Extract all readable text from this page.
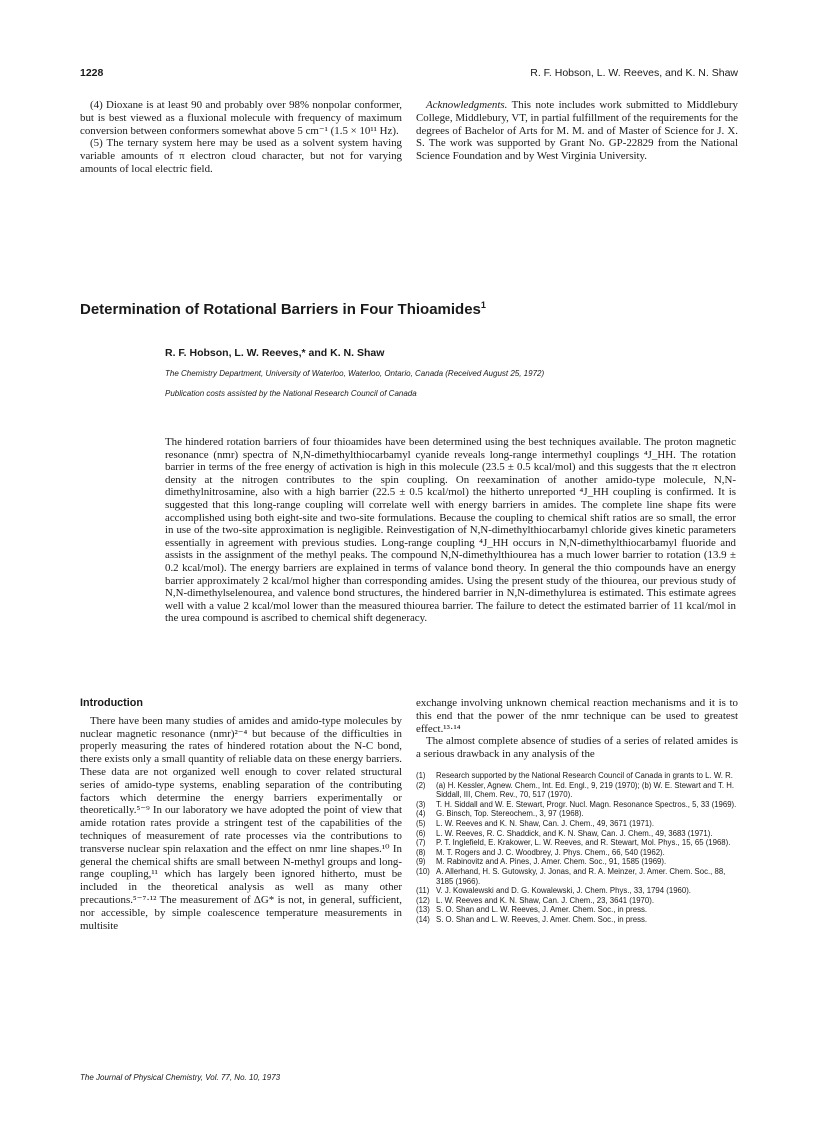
1228	R. F. Hobson, L. W. Reeves, and K. N. Shaw

(4) Dioxane is at least 90 and probably over 98% nonpolar conformer, but is best viewed as a fluxional molecule with frequency of maximum conversion between conformers somewhat above 5 cm⁻¹ (1.5 × 10¹¹ Hz).

(5) The ternary system here may be used as a solvent system having variable amounts of π electron cloud character, but not for varying amounts of local electric field.

Acknowledgments. This note includes work submitted to Middlebury College, Middlebury, VT, in partial fulfillment of the requirements for the degrees of Bachelor of Arts for M. M. and of Master of Science for J. X. S. The work was supported by Grant No. GP-22829 from the National Science Foundation and by West Virginia University.

Determination of Rotational Barriers in Four Thioamides$^1$
R. F. Hobson, L. W. Reeves,* and K. N. Shaw
The Chemistry Department, University of Waterloo, Waterloo, Ontario, Canada (Received August 25, 1972)
Publication costs assisted by the National Research Council of Canada
The hindered rotation barriers of four thioamides have been determined using the best techniques available. The proton magnetic resonance (nmr) spectra of N,N-dimethylthiocarbamyl cyanide reveals long-range intermethyl couplings ⁴J_HH. The rotation barrier in terms of the free energy of activation is high in this molecule (23.5 ± 0.5 kcal/mol) and this suggests that the π electron density at the nitrogen contributes to the spin coupling. On reexamination of another amido-type molecule, N,N-dimethylnitrosamine, also with a high barrier (22.5 ± 0.5 kcal/mol) the hitherto unreported ⁴J_HH coupling is confirmed. It is suggested that this long-range coupling will correlate well with energy barriers in amides. The complete line shape fits were accomplished using both eight-site and two-site formulations. Because the coupling to chemical shift ratios are so small, the error in use of the two-site approximation is negligible. Reinvestigation of N,N-dimethylthiocarbamyl chloride gives kinetic parameters essentially in agreement with previous studies. Long-range coupling ⁴J_HH occurs in N,N-dimethylthiocarbamyl fluoride and assists in the assignment of the methyl peaks. The compound N,N-dimethylthiourea has a much lower barrier to rotation (13.9 ± 0.2 kcal/mol). The energy barriers are explained in terms of valance bond theory. In general the thio compounds have an energy barrier approximately 2 kcal/mol higher than corresponding amides. Using the present study of the thiourea, our previous study of N,N-dimethylselenourea, and valence bond structures, the hindered barrier in N,N-dimethylurea is estimated. This estimate agrees well with a value 2 kcal/mol lower than the measured thiourea barrier. The failure to detect the estimated barrier of 11 kcal/mol in the urea compound is ascribed to chemical shift degeneracy.

Introduction

There have been many studies of amides and amido-type molecules by nuclear magnetic resonance (nmr)²⁻⁴ but because of the difficulties in properly measuring the rates of hindered rotation about the N-C bond, there exists only a small quantity of reliable data on these energy barriers. These data are not organized well enough to cover related structural series of amido-type systems, enabling separation of the contributing factors which determine the energy barriers experimentally or theoretically.⁵⁻⁹ In our laboratory we have adopted the point of view that amide rotation rates provide a stringent test of the capabilities of the techniques of measurement of rate processes via the contributions to transverse nuclear spin relaxation and the effect on nmr line shapes.¹⁰ In general the chemical shifts are small between N-methyl groups and long-range coupling,¹¹ which has largely been ignored hitherto, must be included in the theoretical analysis as well as many other precautions.⁵⁻⁷·¹² The measurement of ΔG* is not, in general, sufficient, nor accessible, by simple coalescence temperature measurements in multisite

exchange involving unknown chemical reaction mechanisms and it is to this end that the power of the nmr technique can be used to greatest effect.¹³·¹⁴

The almost complete absence of studies of a series of related amides is a serious drawback in any analysis of the

(1) Research supported by the National Research Council of Canada in grants to L. W. R.
(2) (a) H. Kessler, Agnew. Chem., Int. Ed. Engl., 9, 219 (1970); (b) W. E. Stewart and T. H. Siddall, III, Chem. Rev., 70, 517 (1970).
(3) T. H. Siddall and W. E. Stewart, Progr. Nucl. Magn. Resonance Spectros., 5, 33 (1969).
(4) G. Binsch, Top. Stereochem., 3, 97 (1968).
(5) L. W. Reeves and K. N. Shaw, Can. J. Chem., 49, 3671 (1971).
(6) L. W. Reeves, R. C. Shaddick, and K. N. Shaw, Can. J. Chem., 49, 3683 (1971).
(7) P. T. Inglefield, E. Krakower, L. W. Reeves, and R. Stewart, Mol. Phys., 15, 65 (1968).
(8) M. T. Rogers and J. C. Woodbrey, J. Phys. Chem., 66, 540 (1962).
(9) M. Rabinovitz and A. Pines, J. Amer. Chem. Soc., 91, 1585 (1969).
(10) A. Allerhand, H. S. Gutowsky, J. Jonas, and R. A. Meinzer, J. Amer. Chem. Soc., 88, 3185 (1966).
(11) V. J. Kowalewski and D. G. Kowalewski, J. Chem. Phys., 33, 1794 (1960).
(12) L. W. Reeves and K. N. Shaw, Can. J. Chem., 23, 3641 (1970).
(13) S. O. Shan and L. W. Reeves, J. Amer. Chem. Soc., in press.
(14) S. O. Shan and L. W. Reeves, J. Amer. Chem. Soc., in press.
The Journal of Physical Chemistry, Vol. 77, No. 10, 1973
